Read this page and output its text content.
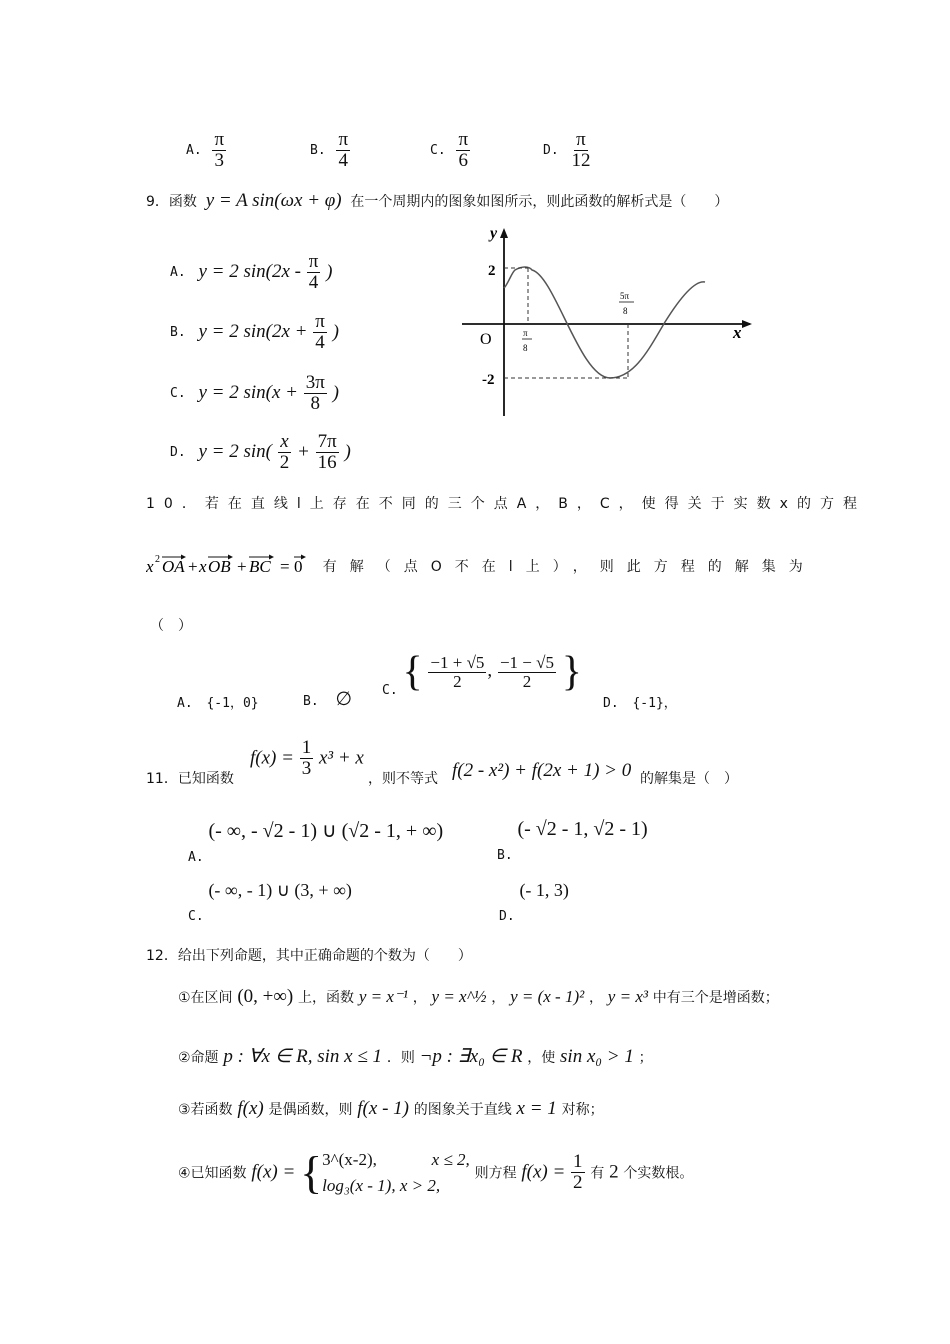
A. $\frac{\pi}{3}$	B. $\frac{\pi}{4}$	C. $\frac{\pi}{6}$	D. $\frac{\pi}{12}$
9．函数 y = A sin(ωx + φ) 在一个周期内的图象如图所示，则此函数的解析式是（　　）
A. y = 2 $\sin(2x - \frac{\pi}{4}$ )
B. y = 2 $\sin(2x + \frac{\pi}{4}$ )
C. y = 2 $\sin(x + \frac{3\pi}{8}$ )
D. y = 2 $\sin( \frac{x}{2} + \frac{7\pi}{16}$ )
y
x
O
2
-2
π
8
5π
8
10．若在直线l上存在不同的三个点A，B，C，使得关于实数x的方程
x 2 OA + x OB + BC = 0 有解（点O不在l上），则此方程的解集为
（　）
A. {-1，0}	B. ∅ C. { $\frac{-1 + √5}{2}$ , $\frac{-1 - √5}{2}$ }
D. {-1}，
11．已知函数
$f(x) = \frac{1}{3} x^3 + x$
，则不等式 f(2 - x²) + f(2x + 1) > 0 的解集是（　）
A. (- ∞, - √2 - 1) ∪ (√2 - 1, + ∞)
B. (- √2 - 1, √2 - 1)
C. (- ∞, - 1) ∪ (3, + ∞)
D. (- 1, 3)
12．给出下列命题，其中正确命题的个数为（　　）
①在区间 (0, +∞) 上，函数 y = x⁻¹ ， y = x^½ ， y = (x - 1)² ， y = x³ 中有三个是增函数；
②命题 p : ∀x ∈ R, sin x ≤ 1 ．则 ¬p : ∃x₀ ∈ R ，使 sin x₀ > 1 ；
③若函数 f(x) 是偶函数，则 f(x - 1) 的图象关于直线 x = 1 对称；
④已知函数 f(x) = { 3^(x-2),	x ≤ 2,
log₃(x - 1), x > 2,
则方程 $f(x) = \frac{1}{2}$ 有 2 个实数根。
